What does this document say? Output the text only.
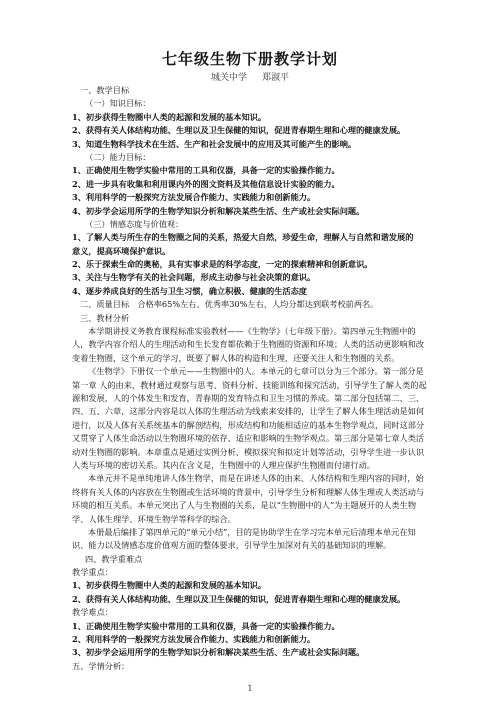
七年级生物下册教学计划
城关中学 郑淑平
一、教学目标
（一）知识目标：
1、初步获得生物圈中人类的起源和发展的基本知识。
2、获得有关人体结构功能、生理以及卫生保健的知识，促进青春期生理和心理的健康发展。
3、知道生物科学技术在生活、生产和社会发展中的应用及其可能产生的影响。
（二）能力目标：
1、正确使用生物学实验中常用的工具和仪器，具备一定的实验操作能力。
2、进一步具有收集和利用课内外的图文资料及其他信息设计实验的能力。
3、利用科学的一般探究方法发展合作能力、实践能力和创新能力。
4、初步学会运用所学的生物学知识分析和解决某些生活、生产或社会实际问题。
（三）情感态度与价值观：
1、了解人类与所生存的生物圈之间的关系，热爱大自然，珍爱生命，理解人与自然和谐发展的
意义，提高环境保护意识。
2、乐于探索生命的奥秘，具有实事求是的科学态度，一定的探索精神和创新意识。
3、关注与生物学有关的社会问题，形成主动参与社会决策的意识。
4、逐步养成良好的生活与卫生习惯，确立积极、健康的生活态度
二、质量目标　合格率65%左右、优秀率30%左右、人均分都达到联考校前两名。
三、教材分析
本学期讲授义务教育课程标准实验教材——《生物学》（七年级下册）。第四单元生物圈中的
人，教学内容介绍人的生理活动和生长发育都依赖于生物圈的资源和环境；人类的活动更影响和改
变着生物圈，这个单元的学习，既要了解人体的构造和生理，还要关注人和生物圈的关系。
《生物学》下册仅一个单元——生物圈中的人。本单元的七章可以分为三个部分。第一部分是
第一章 人的由来，教材通过观察与思考、资料分析、技能训练和探究活动，引导学生了解人类的起
源和发展，人的个体发生和发育，青春期的发育特点和卫生习惯的养成。第二部分包括第二、三、
四、五、六章，这部分内容是以人体的生理活动为线索来安排的，让学生了解人体生理活动是如何
进行，以及人体有关系统基本的解剖结构，形成结构和功能相适应的基本生物学观点，同时这部分
又贯穿了人体生命活动以生物圈环境的依存、适应和影响的生物学观点。第三部分是第七章人类活
动对生物圈的影响。本章重点是通过实例分析、模拟探究和拟定计划等活动，引导学生进一步认识
人类与环境的密切关系。其内在含义是，生物圈中的人理应保护生物圈而付诸行动。
本单元并不是单纯地讲人体生物学，而是在讲述人体的由来、人体结构和生理内容的同时，始
终将有关人体的内容放在生物圈或生活环境的背景中，引导学生分析和理解人体生理或人类活动与
环境的相互关系。本单元突出了人与生物圈的关系，是以“生物圈中的人”为主题展开的人类生物
学、人体生理学、环境生物学等科学的综合。
本册最后编排了第四单元的“单元小结”，目的是协助学生在学习完本单元后清理本单元在知
识、能力以及情感态度价值观方面的整体要求，引导学生加深对有关的基础知识的理解。
四、教学重难点
教学重点：
1、初步获得生物圈中人类的起源和发展的基本知识。
2、获得有关人体结构功能、生理以及卫生保健的知识，促进青春期生理和心理的健康发展。
教学难点：
1、正确使用生物学实验中常用的工具和仪器，具备一定的实验操作能力。
2、利用科学的一般探究方法发展合作能力、实践能力和创新能力。
3、初步学会运用所学的生物学知识分析和解决某些生活、生产或社会实际问题。
五、学情分析：
1
